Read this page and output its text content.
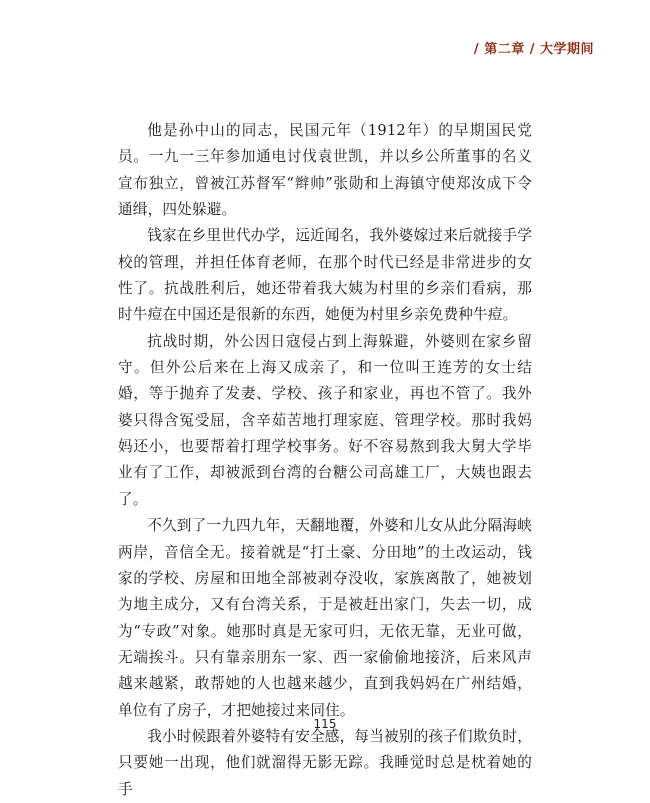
/ 第二章 / 大学期间

他是孙中山的同志，民国元年（1912年）的早期国民党员。一九一三年参加通电讨伐袁世凯，并以乡公所董事的名义宣布独立，曾被江苏督军“辫帅”张勋和上海镇守使郑汝成下令通缉，四处躲避。

钱家在乡里世代办学，远近闻名，我外婆嫁过来后就接手学校的管理，并担任体育老师，在那个时代已经是非常进步的女性了。抗战胜利后，她还带着我大姨为村里的乡亲们看病，那时牛痘在中国还是很新的东西，她便为村里乡亲免费种牛痘。

抗战时期，外公因日寇侵占到上海躲避，外婆则在家乡留守。但外公后来在上海又成亲了，和一位叫王连芳的女士结婚，等于抛弃了发妻、学校、孩子和家业，再也不管了。我外婆只得含冤受屈，含辛茹苦地打理家庭、管理学校。那时我妈妈还小，也要帮着打理学校事务。好不容易熬到我大舅大学毕业有了工作，却被派到台湾的台糖公司高雄工厂，大姨也跟去了。

不久到了一九四九年，天翻地覆，外婆和儿女从此分隔海峡两岸，音信全无。接着就是“打土豪、分田地”的土改运动，钱家的学校、房屋和田地全部被剥夺没收，家族离散了，她被划为地主成分，又有台湾关系，于是被赶出家门，失去一切，成为“专政”对象。她那时真是无家可归，无依无靠，无业可做，无端挨斗。只有靠亲朋东一家、西一家偷偷地接济，后来风声越来越紧，敢帮她的人也越来越少，直到我妈妈在广州结婚，单位有了房子，才把她接过来同住。

我小时候跟着外婆特有安全感，每当被别的孩子们欺负时，只要她一出现，他们就溜得无影无踪。我睡觉时总是枕着她的手

115
